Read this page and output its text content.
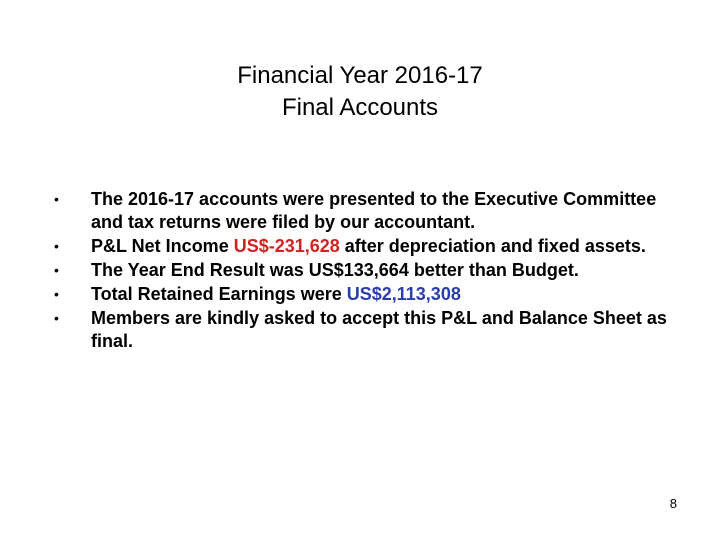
Financial Year 2016-17
Final Accounts
• The 2016-17 accounts were presented to the Executive Committee and tax returns were filed by our accountant.
• P&L Net Income US$-231,628 after depreciation and fixed assets.
• The Year End Result was US$133,664 better than Budget.
• Total Retained Earnings were US$2,113,308
• Members are kindly asked to accept this P&L and Balance Sheet as final.
8
